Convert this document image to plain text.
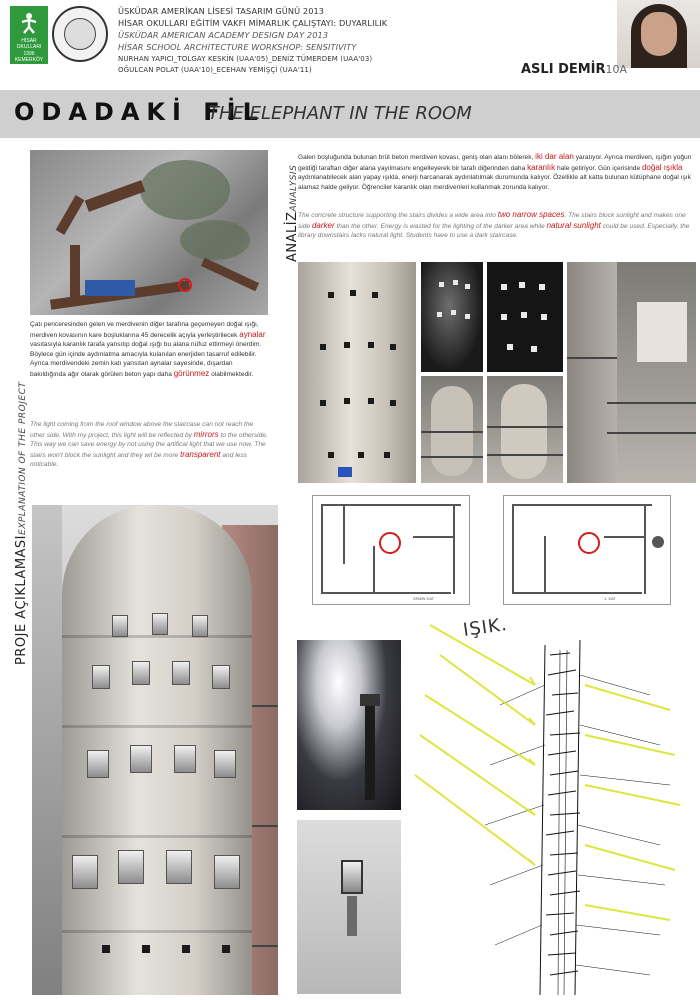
HİSAR
OKULLARI
1996
KEMERKÖY
ÜSKÜDAR AMERİKAN LİSESİ TASARIM GÜNÜ 2013
HİSAR OKULLARI EĞİTİM VAKFI MİMARLIK ÇALIŞTAYI: DUYARLILIK
ÜSKÜDAR AMERICAN ACADEMY DESIGN DAY 2013
HİSAR SCHOOL ARCHITECTURE WORKSHOP: SENSITIVITY
NURHAN YAPICI_TOLGAY KESKİN (UAA'05)_DENİZ TÜMERDEM (UAA'03)
OĞULCAN POLAT (UAA'10)_ECEHAN YEMİŞÇİ (UAA'11)	ASLI DEMİR10A
ODADAKİ FİL
THE ELEPHANT IN THE ROOM
ANALİZANALYSIS
Galeri boşluğunda bulunan brüt beton merdiven kovası, geniş olan alanı bölerek, iki dar alan yaratıyor. Ayrıca merdiven, ışığın yoğun geldiği taraftan diğer alana yayılmasını engelleyerek bir tarafı diğerinden daha karanlık hale getiriyor. Gün içerisinde doğal ışıkla aydınlanabilecek alan yapay ışıkla, enerji harcanarak aydınlatılmak durumunda kalıyor. Özellikle alt katta bulunan kütüphane doğal ışık alamaz halde geliyor. Öğrenciler karanlık olan merdivenleri kullanmak zorunda kalıyor.
The concrete structure supporting the stairs divides a wide area into two narrow spaces. The stairs block sunlight and makes one side darker than the other. Energy is wasted for the lighting of the darker area while natural sunlight could be used. Especially, the library downstairs lacks natural light. Students have to use a dark staircase.
PROJE AÇIKLAMASIEXPLANATION OF THE PROJECT
Çatı penceresinden gelen ve merdivenin diğer tarafına geçemeyen doğal ışığı, merdiven kovasının kare boşluklarına 45 derecelik açıyla yerleştirilecek aynalar vasıtasıyla karanlık tarafa yansıtıp doğal ışığı bu alana nüfuz ettirmeyi önerdim. Böylece gün içinde aydınlatma amacıyla kulanılan enerjiden tasarruf edilebilir. Ayrıca merdivendeki zemin katı yansıtan aynalar sayesinde, dışardan bakıldığında ağır olarak görülen beton yapı daha görünmez olabilmektedir.
The light coming from the roof window above the staircase can not reach the other side. With my project, this light will be reflected by mirrors to the otherside. This way we can save energy by not using the artifical light that we use now. The stairs won't block the sunlight and they wil be more transparent and less noticable.
ZEMİN KAT	1. KAT
IŞIK.
